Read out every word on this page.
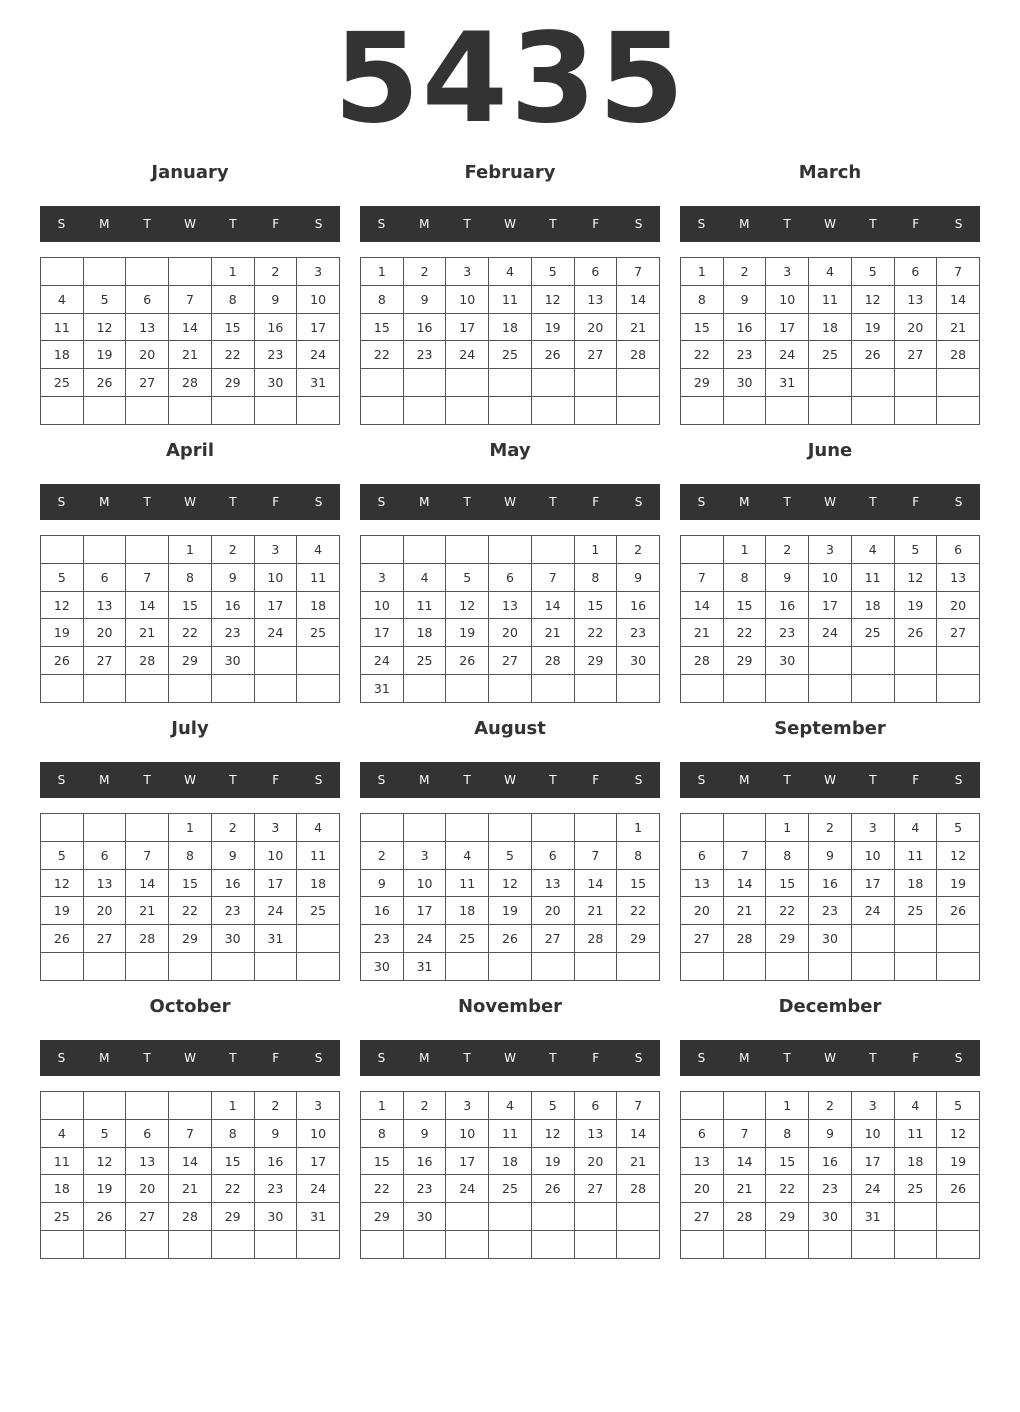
5435
January
S	M	T	W	T	F	S
				1	2	3
4	5	6	7	8	9	10
11	12	13	14	15	16	17
18	19	20	21	22	23	24
25	26	27	28	29	30	31

February
S	M	T	W	T	F	S
1	2	3	4	5	6	7
8	9	10	11	12	13	14
15	16	17	18	19	20	21
22	23	24	25	26	27	28

March
S	M	T	W	T	F	S
1	2	3	4	5	6	7
8	9	10	11	12	13	14
15	16	17	18	19	20	21
22	23	24	25	26	27	28
29	30	31				

April
S	M	T	W	T	F	S
			1	2	3	4
5	6	7	8	9	10	11
12	13	14	15	16	17	18
19	20	21	22	23	24	25
26	27	28	29	30		

May
S	M	T	W	T	F	S
					1	2
3	4	5	6	7	8	9
10	11	12	13	14	15	16
17	18	19	20	21	22	23
24	25	26	27	28	29	30
31						
June
S	M	T	W	T	F	S
	1	2	3	4	5	6
7	8	9	10	11	12	13
14	15	16	17	18	19	20
21	22	23	24	25	26	27
28	29	30				

July
S	M	T	W	T	F	S
			1	2	3	4
5	6	7	8	9	10	11
12	13	14	15	16	17	18
19	20	21	22	23	24	25
26	27	28	29	30	31	

August
S	M	T	W	T	F	S
						1
2	3	4	5	6	7	8
9	10	11	12	13	14	15
16	17	18	19	20	21	22
23	24	25	26	27	28	29
30	31					
September
S	M	T	W	T	F	S
		1	2	3	4	5
6	7	8	9	10	11	12
13	14	15	16	17	18	19
20	21	22	23	24	25	26
27	28	29	30			

October
S	M	T	W	T	F	S
				1	2	3
4	5	6	7	8	9	10
11	12	13	14	15	16	17
18	19	20	21	22	23	24
25	26	27	28	29	30	31

November
S	M	T	W	T	F	S
1	2	3	4	5	6	7
8	9	10	11	12	13	14
15	16	17	18	19	20	21
22	23	24	25	26	27	28
29	30					

December
S	M	T	W	T	F	S
		1	2	3	4	5
6	7	8	9	10	11	12
13	14	15	16	17	18	19
20	21	22	23	24	25	26
27	28	29	30	31		
